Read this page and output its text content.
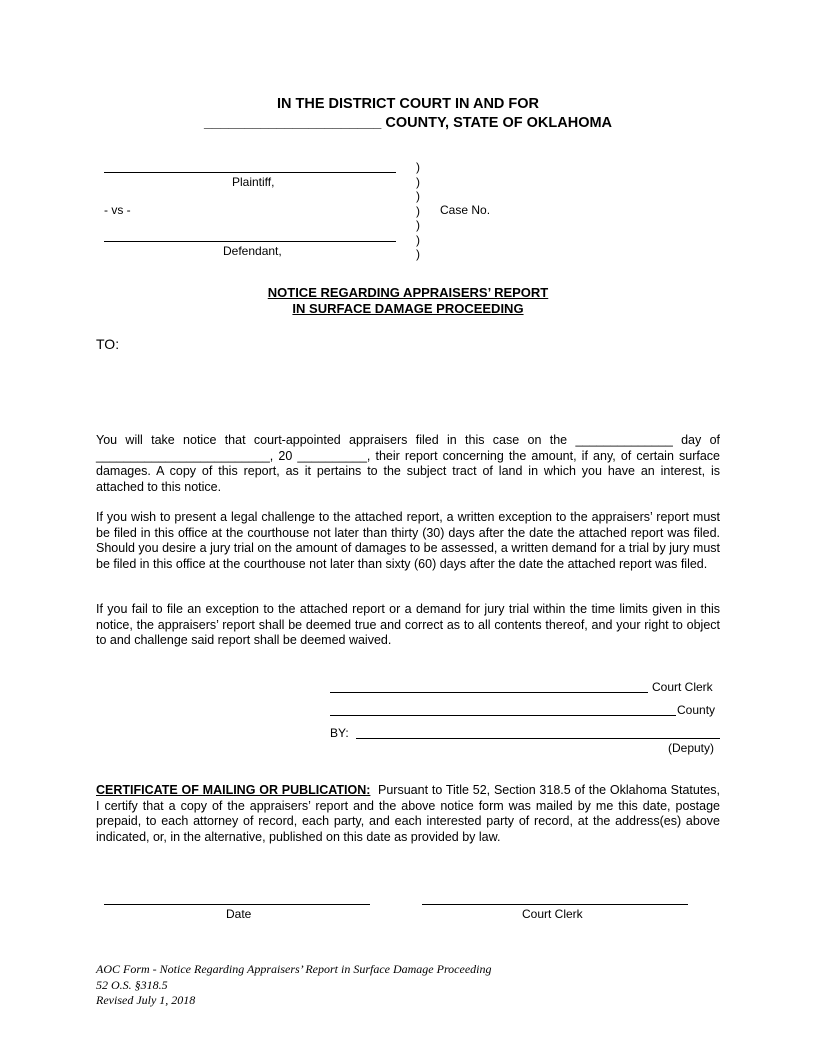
IN THE DISTRICT COURT IN AND FOR
______________________ COUNTY, STATE OF OKLAHOMA
Plaintiff,
- vs -
Defendant,
)
)
)
)
)
)
)
Case No.
NOTICE REGARDING APPRAISERS’ REPORT
IN SURFACE DAMAGE PROCEEDING
TO:
You will take notice that court-appointed appraisers filed in this case on the ______________ day of _________________________, 20 __________, their report concerning the amount, if any, of certain surface damages. A copy of this report, as it pertains to the subject tract of land in which you have an interest, is attached to this notice.
If you wish to present a legal challenge to the attached report, a written exception to the appraisers’ report must be filed in this office at the courthouse not later than thirty (30) days after the date the attached report was filed. Should you desire a jury trial on the amount of damages to be assessed, a written demand for a trial by jury must be filed in this office at the courthouse not later than sixty (60) days after the date the attached report was filed.
If you fail to file an exception to the attached report or a demand for jury trial within the time limits given in this notice, the appraisers’ report shall be deemed true and correct as to all contents thereof, and your right to object to and challenge said report shall be deemed waived.
Court Clerk
County
BY:
(Deputy)
CERTIFICATE OF MAILING OR PUBLICATION: Pursuant to Title 52, Section 318.5 of the Oklahoma Statutes, I certify that a copy of the appraisers’ report and the above notice form was mailed by me this date, postage prepaid, to each attorney of record, each party, and each interested party of record, at the address(es) above indicated, or, in the alternative, published on this date as provided by law.
Date	Court Clerk
AOC Form - Notice Regarding Appraisers’ Report in Surface Damage Proceeding
52 O.S. §318.5
Revised July 1, 2018
